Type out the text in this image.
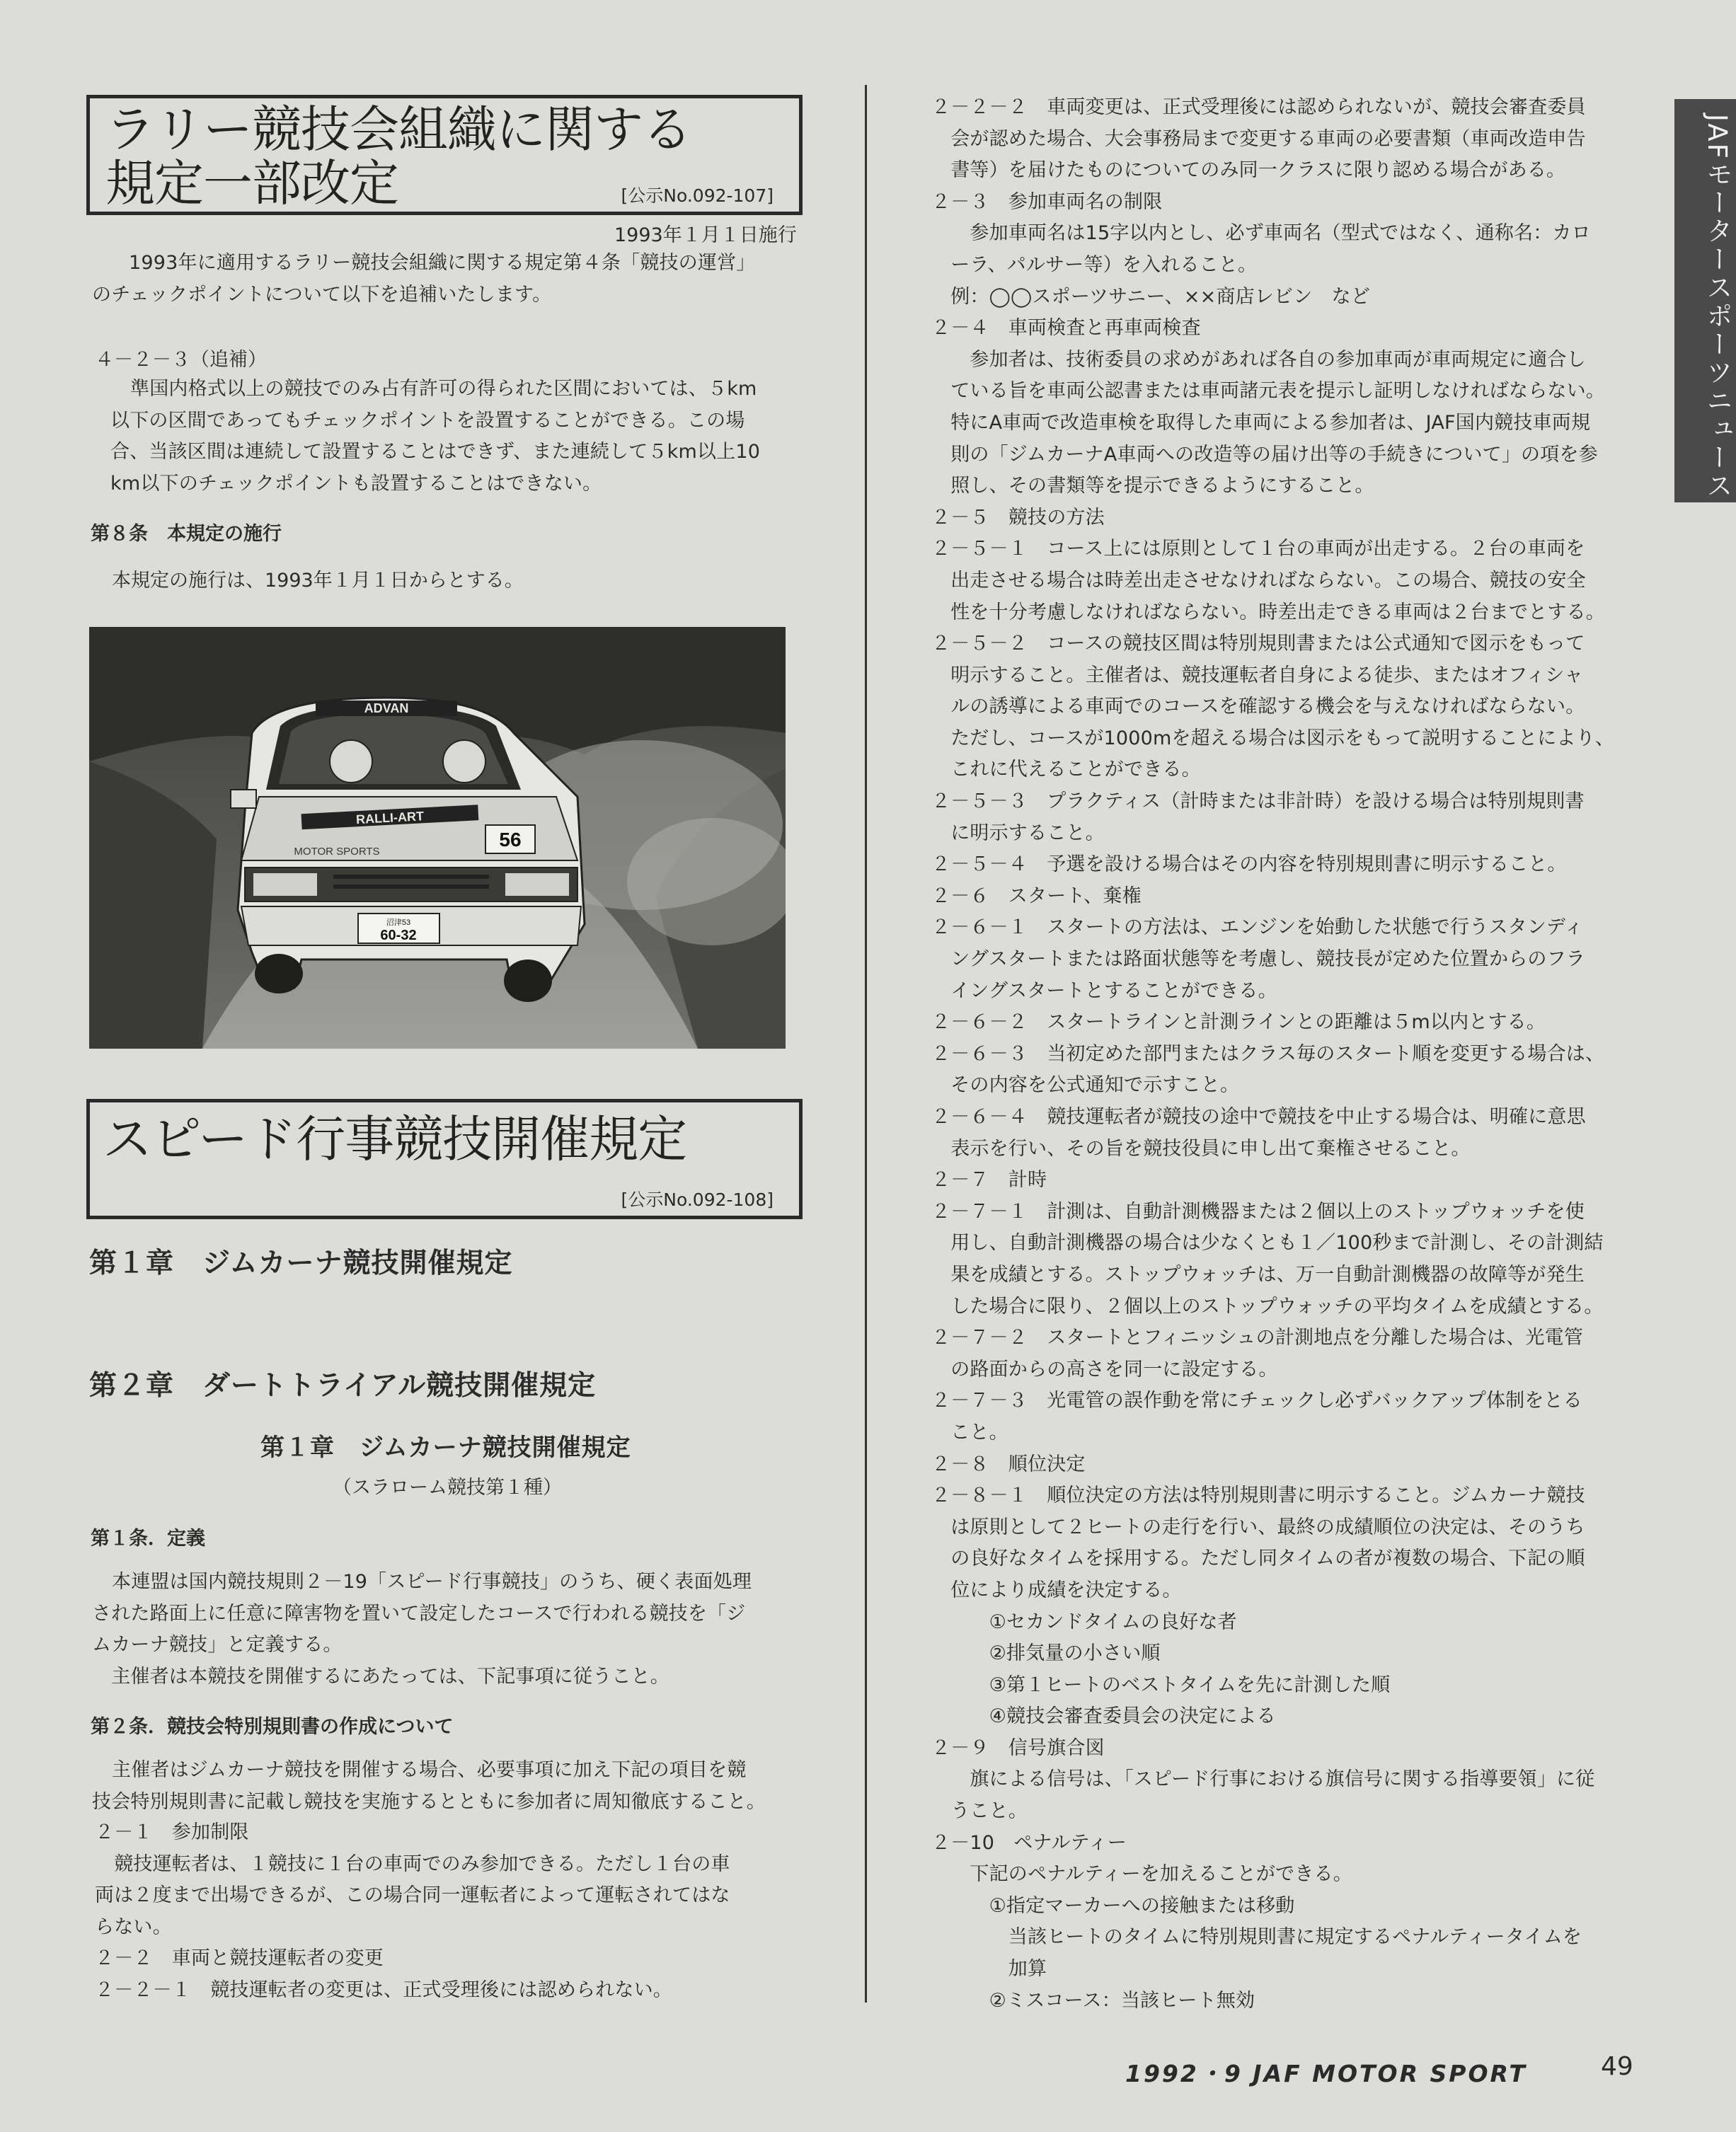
JAFモータースポーツニュース
ラリー競技会組織に関する
規定一部改定	[公示No.092-107]
1993年１月１日施行
1993年に適用するラリー競技会組織に関する規定第４条「競技の運営」
のチェックポイントについて以下を追補いたします。
４－２－３（追補）
準国内格式以上の競技でのみ占有許可の得られた区間においては、５km
以下の区間であってもチェックポイントを設置することができる。この場
合、当該区間は連続して設置することはできず、また連続して５km以上10
km以下のチェックポイントも設置することはできない。
第８条　本規定の施行
本規定の施行は、1993年１月１日からとする。
ADVAN
RALLI-ART
MOTOR SPORTS
56
沼津53
60-32
スピード行事競技開催規定
[公示No.092-108]
第１章　ジムカーナ競技開催規定
第２章　ダートトライアル競技開催規定
第１章　ジムカーナ競技開催規定
（スラローム競技第１種）
第１条．定義
本連盟は国内競技規則２－19「スピード行事競技」のうち、硬く表面処理
された路面上に任意に障害物を置いて設定したコースで行われる競技を「ジ
ムカーナ競技」と定義する。
　主催者は本競技を開催するにあたっては、下記事項に従うこと。
第２条．競技会特別規則書の作成について
主催者はジムカーナ競技を開催する場合、必要事項に加え下記の項目を競
技会特別規則書に記載し競技を実施するとともに参加者に周知徹底すること。
２－１　参加制限
　競技運転者は、１競技に１台の車両でのみ参加できる。ただし１台の車
両は２度まで出場できるが、この場合同一運転者によって運転されてはな
らない。
２－２　車両と競技運転者の変更
２－２－１　競技運転者の変更は、正式受理後には認められない。
２－２－２　車両変更は、正式受理後には認められないが、競技会審査委員
　会が認めた場合、大会事務局まで変更する車両の必要書類（車両改造申告
　書等）を届けたものについてのみ同一クラスに限り認める場合がある。
２－３　参加車両名の制限
　　参加車両名は15字以内とし、必ず車両名（型式ではなく、通称名：カロ
　ーラ、パルサー等）を入れること。
　例：◯◯スポーツサニー、××商店レビン　など
２－４　車両検査と再車両検査
　　参加者は、技術委員の求めがあれば各自の参加車両が車両規定に適合し
　ている旨を車両公認書または車両諸元表を提示し証明しなければならない。
　特にA車両で改造車検を取得した車両による参加者は、JAF国内競技車両規
　則の「ジムカーナA車両への改造等の届け出等の手続きについて」の項を参
　照し、その書類等を提示できるようにすること。
２－５　競技の方法
２－５－１　コース上には原則として１台の車両が出走する。２台の車両を
　出走させる場合は時差出走させなければならない。この場合、競技の安全
　性を十分考慮しなければならない。時差出走できる車両は２台までとする。
２－５－２　コースの競技区間は特別規則書または公式通知で図示をもって
　明示すること。主催者は、競技運転者自身による徒歩、またはオフィシャ
　ルの誘導による車両でのコースを確認する機会を与えなければならない。
　ただし、コースが1000mを超える場合は図示をもって説明することにより、
　これに代えることができる。
２－５－３　プラクティス（計時または非計時）を設ける場合は特別規則書
　に明示すること。
２－５－４　予選を設ける場合はその内容を特別規則書に明示すること。
２－６　スタート、棄権
２－６－１　スタートの方法は、エンジンを始動した状態で行うスタンディ
　ングスタートまたは路面状態等を考慮し、競技長が定めた位置からのフラ
　イングスタートとすることができる。
２－６－２　スタートラインと計測ラインとの距離は５m以内とする。
２－６－３　当初定めた部門またはクラス毎のスタート順を変更する場合は、
　その内容を公式通知で示すこと。
２－６－４　競技運転者が競技の途中で競技を中止する場合は、明確に意思
　表示を行い、その旨を競技役員に申し出て棄権させること。
２－７　計時
２－７－１　計測は、自動計測機器または２個以上のストップウォッチを使
　用し、自動計測機器の場合は少なくとも１／100秒まで計測し、その計測結
　果を成績とする。ストップウォッチは、万一自動計測機器の故障等が発生
　した場合に限り、２個以上のストップウォッチの平均タイムを成績とする。
２－７－２　スタートとフィニッシュの計測地点を分離した場合は、光電管
　の路面からの高さを同一に設定する。
２－７－３　光電管の誤作動を常にチェックし必ずバックアップ体制をとる
　こと。
２－８　順位決定
２－８－１　順位決定の方法は特別規則書に明示すること。ジムカーナ競技
　は原則として２ヒートの走行を行い、最終の成績順位の決定は、そのうち
　の良好なタイムを採用する。ただし同タイムの者が複数の場合、下記の順
　位により成績を決定する。
　　　①セカンドタイムの良好な者
　　　②排気量の小さい順
　　　③第１ヒートのベストタイムを先に計測した順
　　　④競技会審査委員会の決定による
２－９　信号旗合図
　　旗による信号は、「スピード行事における旗信号に関する指導要領」に従
　うこと。
２－10　ペナルティー
　　下記のペナルティーを加えることができる。
　　　①指定マーカーへの接触または移動
　　　　当該ヒートのタイムに特別規則書に規定するペナルティータイムを
　　　　加算
　　　②ミスコース：当該ヒート無効
1992・9 JAF MOTOR SPORT	49
